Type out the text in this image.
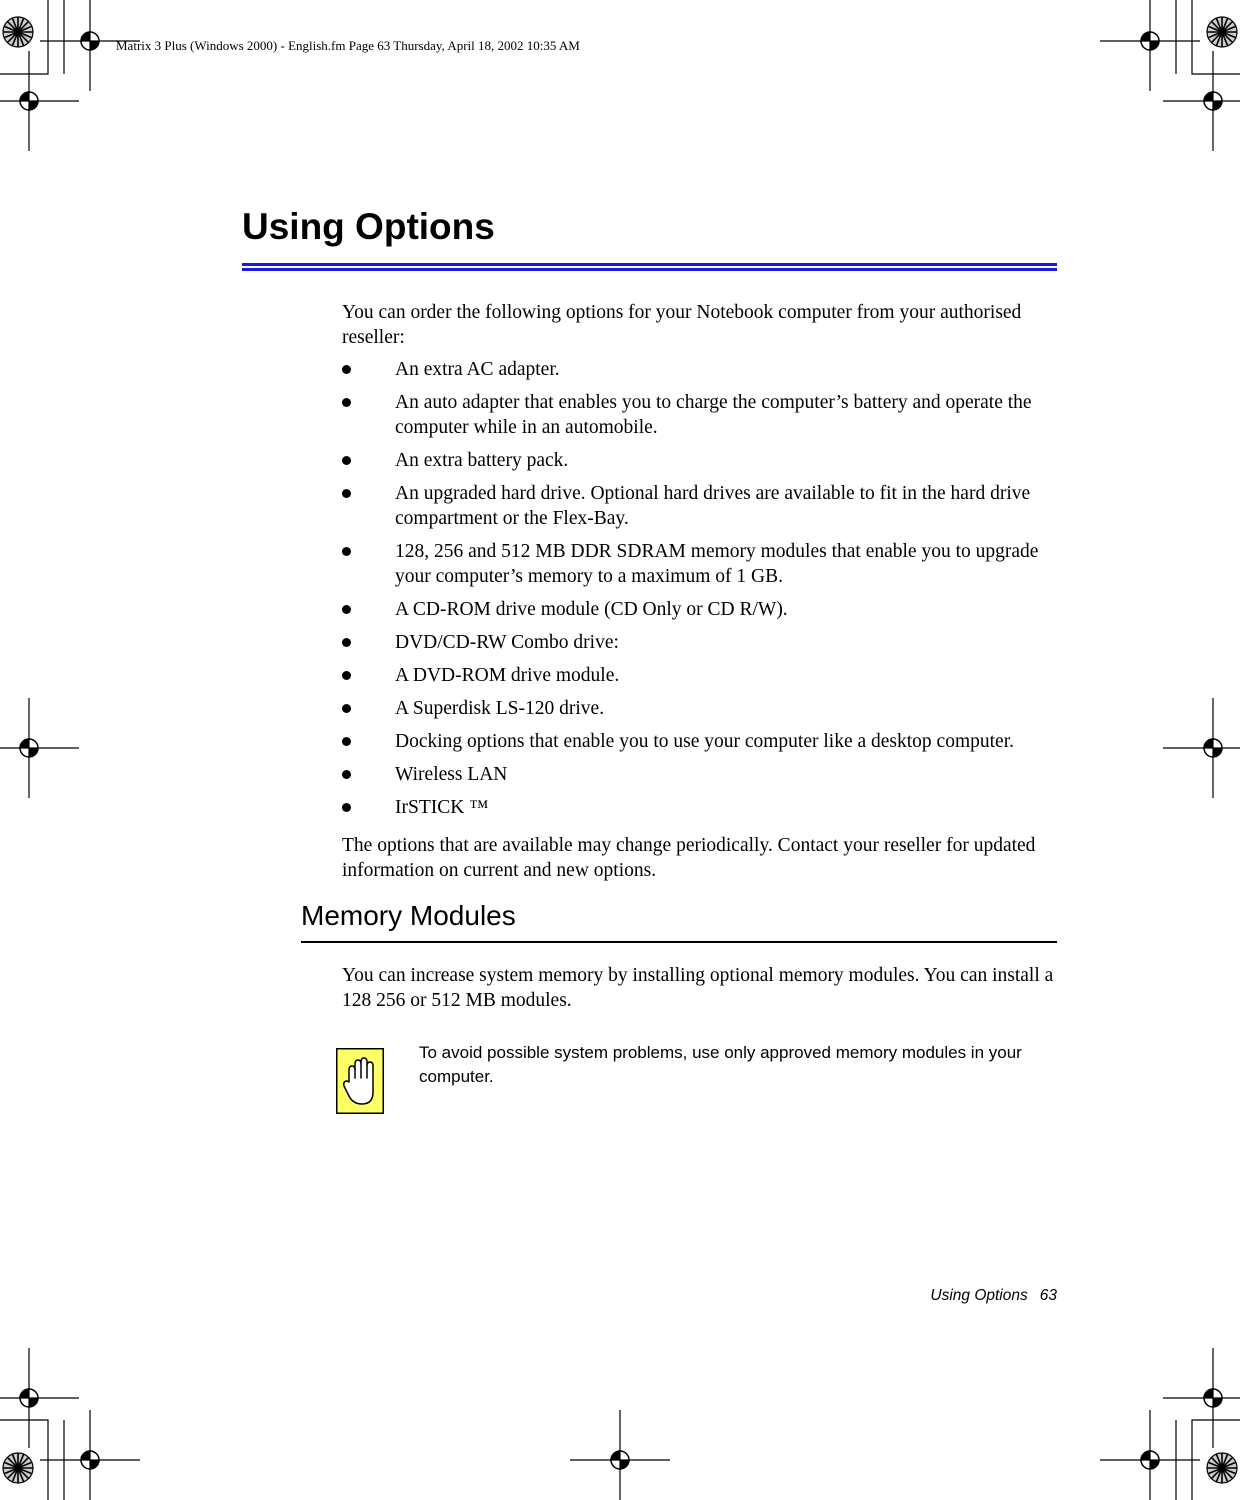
Matrix 3 Plus (Windows 2000) - English.fm Page 63 Thursday, April 18, 2002 10:35 AM
Using Options
You can order the following options for your Notebook computer from your authorised reseller:
An extra AC adapter.
An auto adapter that enables you to charge the computer’s battery and operate the computer while in an automobile.
An extra battery pack.
An upgraded hard drive. Optional hard drives are available to fit in the hard drive compartment or the Flex-Bay.
128, 256 and 512 MB DDR SDRAM memory modules that enable you to upgrade your computer’s memory to a maximum of 1 GB.
A CD-ROM drive module (CD Only or CD R/W).
DVD/CD-RW Combo drive:
A DVD-ROM drive module.
A Superdisk LS-120 drive.
Docking options that enable you to use your computer like a desktop computer.
Wireless LAN
IrSTICK ™
The options that are available may change periodically. Contact your reseller for updated information on current and new options.
Memory Modules
You can increase system memory by installing optional memory modules. You can install a 128 256 or 512 MB modules.
To avoid possible system problems, use only approved memory modules in your computer.
Using Options 63
